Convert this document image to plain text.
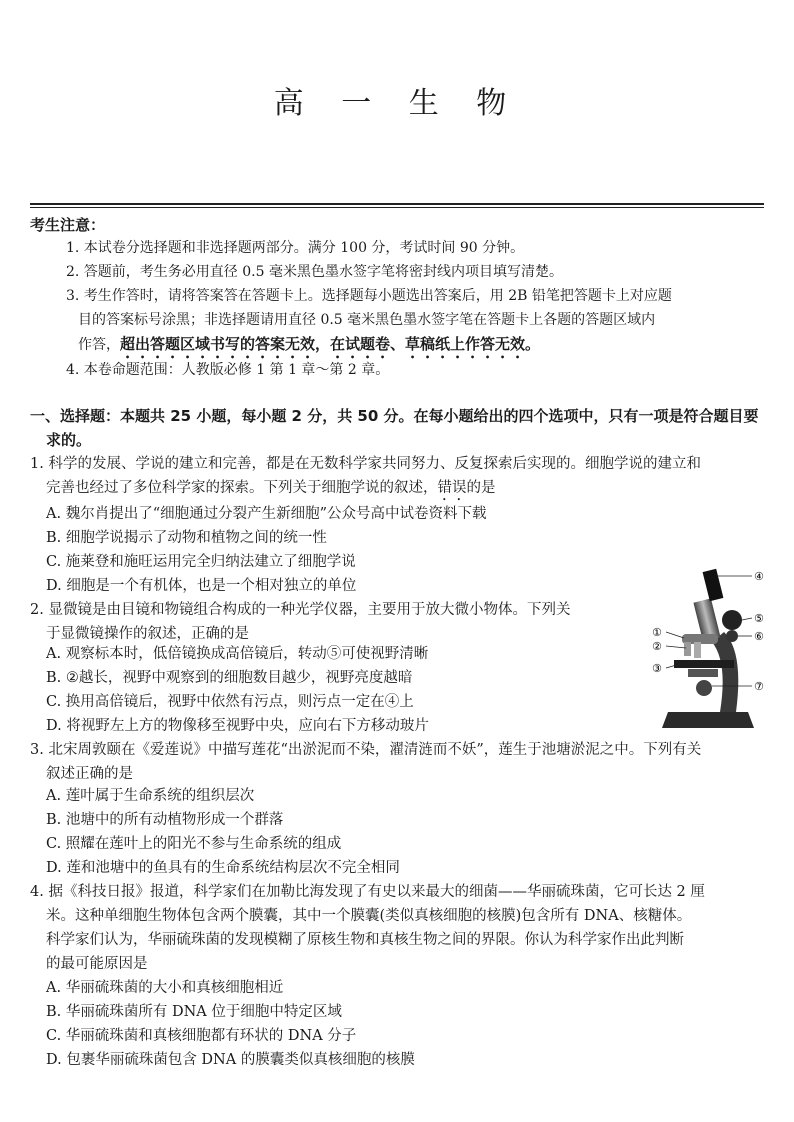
高 一 生 物
考生注意：
1. 本试卷分选择题和非选择题两部分。满分 100 分，考试时间 90 分钟。
2. 答题前，考生务必用直径 0.5 毫米黑色墨水签字笔将密封线内项目填写清楚。
3. 考生作答时，请将答案答在答题卡上。选择题每小题选出答案后，用 2B 铅笔把答题卡上对应题
目的答案标号涂黑；非选择题请用直径 0.5 毫米黑色墨水签字笔在答题卡上各题的答题区域内
作答，超出答题区域书写的答案无效，在试题卷、草稿纸上作答无效。
4. 本卷命题范围：人教版必修 1 第 1 章～第 2 章。
一、选择题：本题共 25 小题，每小题 2 分，共 50 分。在每小题给出的四个选项中，只有一项是符合题目要
求的。
1. 科学的发展、学说的建立和完善，都是在无数科学家共同努力、反复探索后实现的。细胞学说的建立和
完善也经过了多位科学家的探索。下列关于细胞学说的叙述，错误的是
A. 魏尔肖提出了“细胞通过分裂产生新细胞”公众号高中试卷资料下载
B. 细胞学说揭示了动物和植物之间的统一性
C. 施莱登和施旺运用完全归纳法建立了细胞学说
D. 细胞是一个有机体，也是一个相对独立的单位
2. 显微镜是由目镜和物镜组合构成的一种光学仪器，主要用于放大微小物体。下列关
于显微镜操作的叙述，正确的是
A. 观察标本时，低倍镜换成高倍镜后，转动⑤可使视野清晰
B. ②越长，视野中观察到的细胞数目越少，视野亮度越暗
C. 换用高倍镜后，视野中依然有污点，则污点一定在④上
D. 将视野左上方的物像移至视野中央，应向右下方移动玻片
④
⑤
⑥
①
②
③
⑦
3. 北宋周敦颐在《爱莲说》中描写莲花“出淤泥而不染，濯清涟而不妖”，莲生于池塘淤泥之中。下列有关
叙述正确的是
A. 莲叶属于生命系统的组织层次
B. 池塘中的所有动植物形成一个群落
C. 照耀在莲叶上的阳光不参与生命系统的组成
D. 莲和池塘中的鱼具有的生命系统结构层次不完全相同
4. 据《科技日报》报道，科学家们在加勒比海发现了有史以来最大的细菌——华丽硫珠菌，它可长达 2 厘
米。这种单细胞生物体包含两个膜囊，其中一个膜囊(类似真核细胞的核膜)包含所有 DNA、核糖体。
科学家们认为，华丽硫珠菌的发现模糊了原核生物和真核生物之间的界限。你认为科学家作出此判断
的最可能原因是
A. 华丽硫珠菌的大小和真核细胞相近
B. 华丽硫珠菌所有 DNA 位于细胞中特定区域
C. 华丽硫珠菌和真核细胞都有环状的 DNA 分子
D. 包裹华丽硫珠菌包含 DNA 的膜囊类似真核细胞的核膜
